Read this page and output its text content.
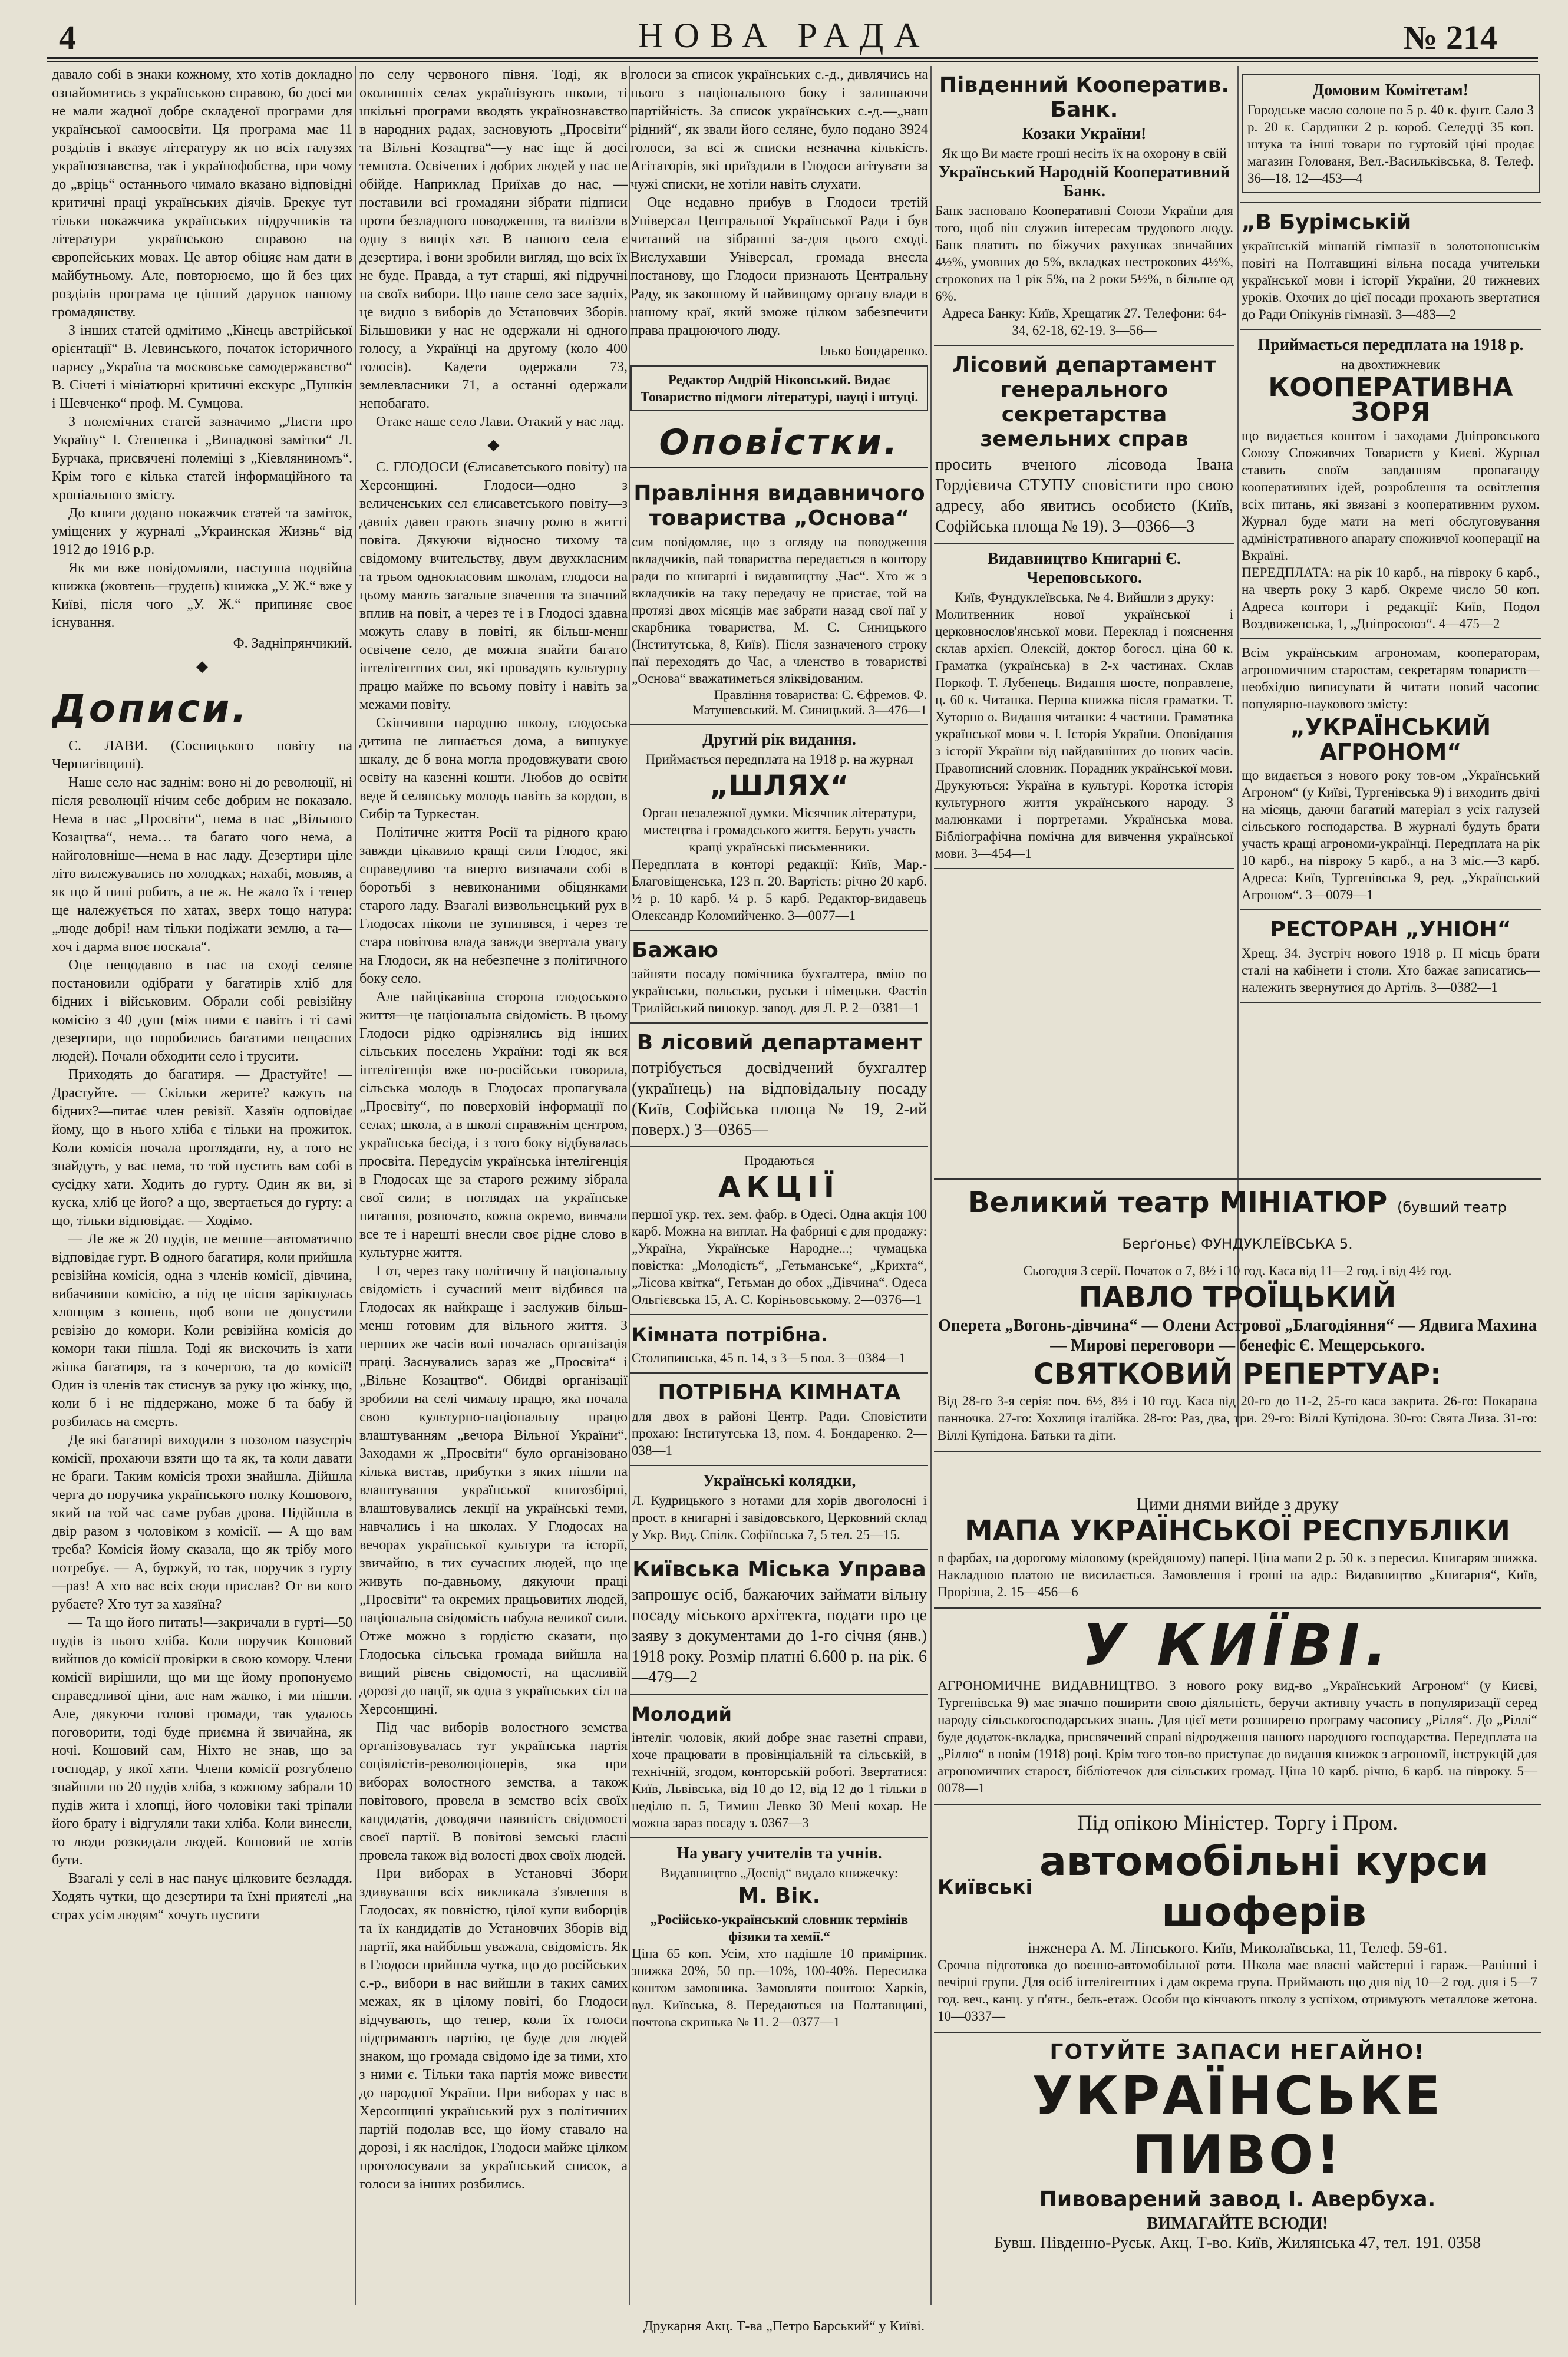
4	НОВА РАДА	№ 214

давало собі в знаки кожному, хто хотів докладно ознайомитись з українською справою, бо досі ми не мали жадної добре складеної програми для української самоосвіти. Ця програма має 11 розділів і вказує літературу як по всіх галузях українознавства, так і українофобства, при чому до „вріць“ останнього чимало вказано відповідні критичні праці українських діячів. Брекує тут тільки покажчика українських підручників та літератури українською справою на європейських мовах. Це автор обіцяє нам дати в майбутньому. Але, повторюємо, що й без цих розділів програма це цінний дарунок нашому громадянству.

З інших статей одмітимо „Кінець австрійської орієнтації“ В. Левинського, початок історичного нарису „Україна та московське самодержавство“ В. Січеті і мініатюрні критичні екскурс „Пушкін і Шевченко“ проф. М. Сумцова.

З полемічних статей зазначимо „Листи про Україну“ І. Стешенка і „Випадкові замітки“ Л. Бурчака, присвячені полеміці з „Кіевляниномъ“. Крім того є кілька статей інформаційного та хроніального змісту.

До книги додано покажчик статей та заміток, уміщених у журналі „Украинская Жизнь“ від 1912 до 1916 р.р.

Як ми вже повідомляли, наступна подвійна книжка (жовтень—грудень) книжка „У. Ж.“ вже у Київі, після чого „У. Ж.“ припиняє своє існування.

Ф. Задніпрянчикий.
◆
Дописи.

С. ЛАВИ. (Сосницького повіту на Чернигівщині).

Наше село нас заднім: воно ні до революції, ні після революції нічим себе добрим не показало. Нема в нас „Просвіти“, нема в нас „Вільного Козацтва“, нема… та багато чого нема, а найголовніше—нема в нас ладу. Дезертири ціле літо вилежувались по холодках; нахабі, мовляв, а як що й нині робить, а не ж. Не жало їх і тепер ще належується по хатах, зверх тощо натура: „люде добрі! нам тільки подіжати землю, а та—хоч і дарма вноє поскала“.

Оце нещодавно в нас на сході селяне постановили одібрати у багатирів хліб для бідних і військовим. Обрали собі ревізійну комісію з 40 душ (між ними є навіть і ті самі дезертири, що поробились багатими нещасних людей). Почали обходити село і трусити.

Приходять до багатиря. — Драстуйте! — Драстуйте. — Скільки жерите? кажуть на бідних?—питає член ревізії. Хазяїн одповідає йому, що в нього хліба є тільки на прожиток. Коли комісія почала проглядати, ну, а того не знайдуть, у вас нема, то той пустить вам собі в сусідку хати. Ходить до гурту. Один як ви, зі куска, хліб це його? а що, звертається до гурту: а що, тільки відповідає. — Ходімо.

— Ле же ж 20 пудів, не менше—автоматично відповідає гурт. В одного багатиря, коли прийшла ревізійна комісія, одна з членів комісії, дівчина, вибачивши комісію, а під це пісня зарікнулась хлопцям з кошень, щоб вони не допустили ревізію до комори. Коли ревізійна комісія до комори таки пішла. Тоді як вискочить із хати жінка багатиря, та з кочергою, та до комісії! Один із членів так стиснув за руку цю жінку, що, коли б і не піддержано, може б та бабу й розбилась на смерть.

Де які багатирі виходили з позолом назустріч комісії, прохаючи взяти що та як, та коли давати не браги. Таким комісія трохи знайшла. Дійшла черга до поручика українського полку Кошового, який на той час саме рубав дрова. Підійшла в двір разом з чоловіком з комісії. — А що вам треба? Комісія йому сказала, що як трібу мого потребує. — А, буржуй, то так, поручик з гурту—раз! А хто вас всіх сюди прислав? От ви кого рубаєте? Хто тут за хазяїна?

— Та що його питать!—закричали в гурті—50 пудів із нього хліба. Коли поручик Кошовий вийшов до комісії провірки в свою комору. Члени комісії вирішили, що ми ще йому пропонуємо справедливої ціни, але нам жалко, і ми пішли. Але, дякуючи голові громади, так удалось поговорити, тоді буде приємна й звичайна, як ночі. Кошовий сам, Ніхто не знав, що за господар, у якої хати. Члени комісії розгублено знайшли по 20 пудів хліба, з кожному забрали 10 пудів жита і хлопці, його чоловіки такі тріпали його брату і відгуляли таки хліба. Коли винесли, то люди розкидали людей. Кошовий не хотів бути.

Взагалі у селі в нас панує цілковите безладдя. Ходять чутки, що дезертири та їхні приятелі „на страх усім людям“ хочуть пустити

по селу червоного півня. Тоді, як в околишніх селах українізують школи, ті шкільні програми вводять українознавство в народних радах, засновують „Просвіти“ та Вільні Козацтва“—у нас іще й досі темнота. Освічених і добрих людей у нас не обійде. Наприклад Приїхав до нас, — поставили всі громадяни зібрати підписи проти безладного поводження, та вилізли в одну з вищіх хат. В нашого села є дезертира, і вони зробили вигляд, що всіх їх не буде. Правда, а тут старші, які підручні на своїх вибори. Що наше село засе задніх, це видно з виборів до Установчих Зборів. Більшовики у нас не одержали ні одного голосу, а Українці на другому (коло 400 голосів). Кадети одержали 73, землевласники 71, а останні одержали непобагато.

Отаке наше село Лави. Отакий у нас лад.

◆

С. ГЛОДОСИ (Єлисаветського повіту) на Херсонщині. Глодоси—одно з величенських сел єлисаветського повіту—з давніх давен грають значну ролю в житті повіта. Дякуючи відносно тихому та свідомому вчительству, двум двухкласним та трьом однокласовим школам, глодоси на цьому мають загальне значення та значний вплив на повіт, а через те і в Глодосі здавна можуть славу в повіті, як більш-менш освічене село, де можна знайти багато інтелігентних сил, які провадять культурну працю майже по всьому повіту і навіть за межами повіту.

Скінчивши народню школу, глодоська дитина не лишається дома, а вишукує шкалу, де б вона могла продовжувати свою освіту на казенні кошти. Любов до освіти веде й селянську молодь навіть за кордон, в Сибір та Туркестан.

Політичне життя Росії та рідного краю завжди цікавило кращі сили Глодос, які справедливо та вперто визначали собі в боротьбі з невиконаними обіцянками старого ладу. Взагалі визвольнецький рух в Глодосах ніколи не зупинявся, і через те стара повітова влада завжди звертала увагу на Глодоси, як на небезпечне з політичного боку село.

Але найцікавіша сторона глодоського життя—це національна свідомість. В цьому Глодоси рідко одрізнялись від інших сільських поселень України: тоді як вся інтелігенція вже по-російськи говорила, сільська молодь в Глодосах пропагувала „Просвіту“, по поверховій інформації по селах; школа, а в школі справжнім центром, українська бесіда, і з того боку відбувалась просвіта. Передусім українська інтелігенція в Глодосах ще за старого режиму зібрала свої сили; в поглядах на українське питання, розпочато, кожна окремо, вивчали все те і нарешті внесли своє рідне слово в культурне життя.

І от, через таку політичну й національну свідомість і сучасний мент відбився на Глодосах як найкраще і заслужив більш-менш готовим для вільного життя. З перших же часів волі почалась організація праці. Заснувались зараз же „Просвіта“ і „Вільне Козацтво“. Обидві організації зробили на селі чималу працю, яка почала свою культурно-національну працю влаштуванням „вечора Вільної України“. Заходами ж „Просвіти“ було організовано кілька вистав, прибутки з яких пішли на влаштування української книгозбірні, влаштовувались лекції на українські теми, навчались і на школах. У Глодосах на вечорах української культури та історії, звичайно, в тих сучасних людей, що ще живуть по-давньому, дякуючи праці „Просвіти“ та окремих працьовитих людей, національна свідомість набула великої сили. Отже можно з гордістю сказати, що Глодоська сільська громада вийшла на вищий рівень свідомості, на щасливій дорозі до нації, як одна з українських сіл на Херсонщині.

Під час виборів волостного земства організовувалась тут українська партія соціялістів-революціонерів, яка при виборах волостного земства, а також повітового, провела в земство всіх своїх кандидатів, доводячи наявність свідомості своєї партії. В повітові земські гласні провела також від волості двох своїх людей.

При виборах в Установчі Збори здивування всіх викликала з'явлення в Глодосах, як повністю, цілої купи виборців та їх кандидатів до Установчих Зборів від партії, яка найбільш уважала, свідомість. Як в Глодоси прийшла чутка, що до російських с.-р., вибори в нас вийшли в таких самих межах, як в цілому повіті, бо Глодоси відчувають, що тепер, коли їх голоси підтримають партію, це буде для людей знаком, що громада свідомо іде за тими, хто з ними є. Тільки така партія може вивести до народної України. При виборах у нас в Херсонщині український рух з політичних партій подолав все, що йому ставало на дорозі, і як наслідок, Глодоси майже цілком проголосували за український список, а голоси за інших розбились.

голоси за список українських с.-д., дивлячись на нього з національного боку і залишаючи партійність. За список українських с.-д.—„наш рідний“, як звали його селяне, було подано 3924 голоси, за всі ж списки незначна кількість. Агітаторів, які приїздили в Глодоси агітувати за чужі списки, не хотіли навіть слухати.

Оце недавно прибув в Глодоси третій Універсал Центральної Української Ради і був читаний на зібранні за-для цього сході. Вислухавши Універсал, громада внесла постанову, що Глодоси признають Центральну Раду, як законному й найвищому органу влади в нашому краї, який зможе цілком забезпечити права працюючого люду.

Ілько Бондаренко.
Редактор Андрій Ніковський. Видає Товариство підмоги літературі, науці і штуці.
Оповістки.
Правління видавничого товариства „Основа“

сим повідомляє, що з огляду на поводження вкладчиків, пай товариства передається в контору ради по книгарні і видавництву „Час“. Хто ж з вкладчиків на таку передачу не пристає, той на протязі двох місяців має забрати назад свої паї у скарбника товариства, М. С. Синицького (Інститутська, 8, Київ). Після зазначеного строку паї переходять до Час, а членство в товаристві „Основа“ вважатиметься зліквідованим.

Правління товариства: С. Єфремов. Ф. Матушевський. М. Синицький. 3—476—1

Другий рік видання.

Приймається передплата на 1918 р. на журнал

„ШЛЯХ“

Орган незалежної думки. Місячник літератури, мистецтва і громадського життя. Беруть участь кращі українські письменники.

Передплата в конторі редакції: Київ, Мар.-Благовіщенська, 123 п. 20. Вартість: річно 20 карб. ½ р. 10 карб. ¼ р. 5 карб. Редактор-видавець Олександр Коломийченко. 3—0077—1

Бажаю

зайняти посаду помічника бухгалтера, вмію по українськи, польськи, руськи і німецьки. Фастів Трилійський винокур. завод. для Л. Р. 2—0381—1

В лісовий департамент

потрібується досвідчений бухгалтер (українець) на відповідальну посаду (Київ, Софійська площа № 19, 2-ий поверх.) 3—0365—

Продаються

АКЦІЇ

першої укр. тех. зем. фабр. в Одесі. Одна акція 100 карб. Можна на виплат. На фабриці є для продажу: „Україна, Українське Народне...; чумацька повістка: „Молодість“, „Гетьманське“, „Крихта“, „Лісова квітка“, Гетьман до обох „Дівчина“. Одеса Ольгієвська 15, А. С. Коріньовському. 2—0376—1

Кімната потрібна.

Столипинська, 45 п. 14, з 3—5 пол. 3—0384—1

ПОТРІБНА КІМНАТА

для двох в районі Центр. Ради. Сповістити прохаю: Інститутська 13, пом. 4. Бондаренко. 2—038—1

Українські колядки,

Л. Кудрицького з нотами для хорів двоголосні і прост. в книгарні і завідовського, Церковний склад у Укр. Вид. Спілк. Софіївська 7, 5 тел. 25—15.

Київська Міська Управа

запрошує осіб, бажаючих займати вільну посаду міського архітекта, подати про це заяву з документами до 1-го січня (янв.) 1918 року. Розмір платні 6.600 р. на рік. 6—479—2

Молодий

інтеліг. чоловік, який добре знає газетні справи, хоче працювати в провінціальній та сільській, в технічній, згодом, конторській роботі. Звертатися: Київ, Львівська, від 10 до 12, від 12 до 1 тільки в неділю п. 5, Тимиш Левко 30 Мені кохар. Не можна зараз посаду з. 0367—3

На увагу учителів та учнів.

Видавництво „Досвід“ видало книжечку:

М. Вік.

„Російсько-український словник термінів фізики та хемії.“

Ціна 65 коп. Усім, хто надішле 10 примірник. знижка 20%, 50 пр.—10%, 100-40%. Пересилка коштом замовника. Замовляти поштою: Харків, вул. Київська, 8. Передаються на Полтавщині, почтова скринька № 11. 2—0377—1

Південний Кооператив. Банк.
Козаки України!

Як що Ви маєте гроші несіть їх на охорону в свій

Український Народній Кооперативний Банк.

Банк засновано Кооперативні Союзи України для того, щоб він служив інтересам трудового люду. Банк платить по біжучих рахунках звичайних 4½%, умовних до 5%, вкладках нестрокових 4½%, строкових на 1 рік 5%, на 2 роки 5½%, в більше од 6%.

Адреса Банку: Київ, Хрещатик 27. Телефони: 64-34, 62-18, 62-19. 3—56—

Лісовий департамент генерального секретарства земельних справ

просить вченого лісовода Івана Гордієвича СТУПУ сповістити про свою адресу, або явитись особисто (Київ, Софійська площа № 19). 3—0366—3

Видавництво Книгарні Є. Череповського.

Київ, Фундуклеївська, № 4. Вийшли з друку:

Молитвенник нової української і церковнослов'янської мови. Переклад і пояснення склав архієп. Олексій, доктор богосл. ціна 60 к. Граматка (українська) в 2-х частинах. Склав Поркоф. Т. Лубенець. Видання шосте, поправлене, ц. 60 к. Читанка. Перша книжка після граматки. Т. Хуторно о. Видання читанки: 4 частини. Граматика української мови ч. І. Історія України. Оповідання з історії України від найдавніших до нових часів. Правописний словник. Порадник української мови.

Друкуються: Україна в культурі. Коротка історія культурного життя українського народу. З малюнками і портретами. Українська мова. Бібліографічна помічна для вивчення української мови. 3—454—1

Домовим Комітетам!

Городське масло солоне по 5 р. 40 к. фунт. Сало 3 р. 20 к. Сардинки 2 р. короб. Селедці 35 коп. штука та інші товари по гуртовій ціні продає магазин Голованя, Вел.-Васильківська, 8. Телеф. 36—18. 12—453—4

„В Бурімській

українській мішаній гімназії в золотоношськім повіті на Полтавщині вільна посада учительки української мови і історії України, 20 тижневих уроків. Охочих до цієї посади прохають звертатися до Ради Опікунів гімназії. 3—483—2

Приймається передплата на 1918 р.

на двохтижневик

КООПЕРАТИВНА ЗОРЯ

що видається коштом і заходами Дніпровського Союзу Споживчих Товариств у Києві. Журнал ставить своїм завданням пропаганду кооперативних ідей, розроблення та освітлення всіх питань, які звязані з кооперативним рухом. Журнал буде мати на меті обслуговування адміністративного апарату споживчої кооперації на Вкраїні.

ПЕРЕДПЛАТА: на рік 10 карб., на півроку 6 карб., на чверть року 3 карб. Окреме число 50 коп. Адреса контори і редакції: Київ, Подол Воздвиженська, 1, „Дніпросоюз“. 4—475—2

Всім українським агрономам, кооператорам, агрономичним старостам, секретарям товариств—необхідно виписувати й читати новий часопис популярно-наукового змісту:

„УКРАЇНСЬКИЙ АГРОНОМ“

що видається з нового року тов-ом „Український Агроном“ (у Київі, Тургенівська 9) і виходить двічі на місяць, даючи багатий матеріал з усіх галузей сільського господарства. В журналі будуть брати участь кращі агрономи-українці. Передплата на рік 10 карб., на півроку 5 карб., а на 3 міс.—3 карб. Адреса: Київ, Тургенівська 9, ред. „Український Агроном“. 3—0079—1

РЕСТОРАН „УНІОН“

Хрещ. 34. Зустріч нового 1918 р. П місць брати сталі на кабінети і столи. Хто бажає записатись—належить звернутися до Артіль. 3—0382—1

Великий театр МІНІАТЮР (бувший театр Берґоньє) ФУНДУКЛЕЇВСЬКА 5.

Сьогодня 3 серії. Початок о 7, 8½ і 10 год. Каса від 11—2 год. і від 4½ год.

ПАВЛО ТРОЇЦЬКИЙ

Оперета „Вогонь-дівчина“ — Олени Астрової „Благодіяння“ — Ядвига Махина — Мирові переговори — бенефіс Є. Мещерського.

СВЯТКОВИЙ РЕПЕРТУАР:

Від 28-го 3-я серія: поч. 6½, 8½ і 10 год. Каса від 20-го до 11-2, 25-го каса закрита. 26-го: Покарана панночка. 27-го: Хохлиця італійка. 28-го: Раз, два, три. 29-го: Віллі Купідона. 30-го: Свята Лиза. 31-го: Віллі Купідона. Батьки та діти.

Цими днями вийде з друку

МАПА УКРАЇНСЬКОЇ РЕСПУБЛІКИ

в фарбах, на дорогому міловому (крейдяному) папері. Ціна мапи 2 р. 50 к. з пересил. Книгарям знижка. Накладною платою не висилається. Замовлення і гроші на адр.: Видавництво „Книгарня“, Київ, Прорізна, 2. 15—456—6

У КИЇВІ.

АГРОНОМИЧНЕ ВИДАВНИЦТВО. З нового року вид-во „Український Агроном“ (у Києві, Тургенівська 9) має значно поширити свою діяльність, беручи активну участь в популяризації серед народу сільськогосподарських знань. Для цієї мети розширено програму часопису „Рілля“. До „Ріллі“ буде додаток-вкладка, присвячений справі відродження нашого народного господарства. Передплата на „Ріллю“ в новім (1918) році. Крім того тов-во приступає до видання книжок з агрономії, інструкцій для агрономичних старост, бібліотечок для сільських громад. Ціна 10 карб. річно, 6 карб. на півроку. 5—0078—1

Під опікою Міністер. Торгу і Пром.

Київські
автомобільні курси шоферів

інженера А. М. Ліпського. Київ, Миколаївська, 11, Телеф. 59-61.

Срочна підготовка до воєнно-автомобільної роти. Школа має власні майстерні і гараж.—Ранішні і вечірні групи. Для осіб інтелігентних і дам окрема група. Приймають що дня від 10—2 год. дня і 5—7 год. веч., канц. у п'ятн., бель-етаж. Особи що кінчають школу з успіхом, отримують металлове жетона. 10—0337—

ГОТУЙТЕ ЗАПАСИ НЕГАЙНО!
УКРАЇНСЬКЕ ПИВО!
Пивоварений завод І. Авербуха.
ВИМАГАЙТЕ ВСЮДИ!

Бувш. Південно-Руськ. Акц. Т-во. Київ, Жилянська 47, тел. 191. 0358

Друкарня Акц. Т-ва „Петро Барський“ у Київі.
